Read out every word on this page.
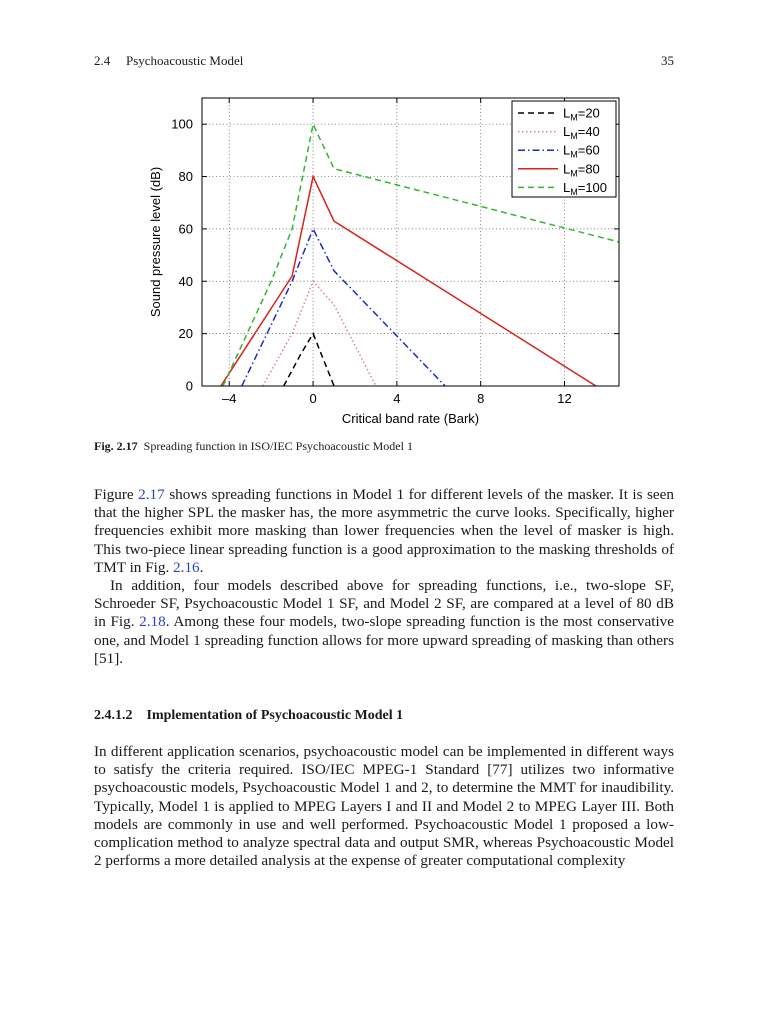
2.4 Psychoacoustic Model	35
–4	0	4	8	12
0
20
40
60
80
100
$L_M=20$
$L_M=40$
$L_M=60$
$L_M=80$
$L_M=100$
Critical band rate (Bark)
Sound pressure level (dB)
Fig. 2.17 Spreading function in ISO/IEC Psychoacoustic Model 1

Figure 2.17 shows spreading functions in Model 1 for different levels of the masker. It is seen that the higher SPL the masker has, the more asymmetric the curve looks. Specifically, higher frequencies exhibit more masking than lower frequencies when the level of masker is high. This two-piece linear spreading function is a good approximation to the masking thresholds of TMT in Fig. 2.16.

In addition, four models described above for spreading functions, i.e., two-slope SF, Schroeder SF, Psychoacoustic Model 1 SF, and Model 2 SF, are compared at a level of 80 dB in Fig. 2.18. Among these four models, two-slope spreading function is the most conservative one, and Model 1 spreading function allows for more upward spreading of masking than others [51].

2.4.1.2 Implementation of Psychoacoustic Model 1

In different application scenarios, psychoacoustic model can be implemented in different ways to satisfy the criteria required. ISO/IEC MPEG-1 Standard [77] utilizes two informative psychoacoustic models, Psychoacoustic Model 1 and 2, to determine the MMT for inaudibility. Typically, Model 1 is applied to MPEG Layers I and II and Model 2 to MPEG Layer III. Both models are commonly in use and well performed. Psychoacoustic Model 1 proposed a low-complication method to analyze spectral data and output SMR, whereas Psychoacoustic Model 2 performs a more detailed analysis at the expense of greater computational complexity
